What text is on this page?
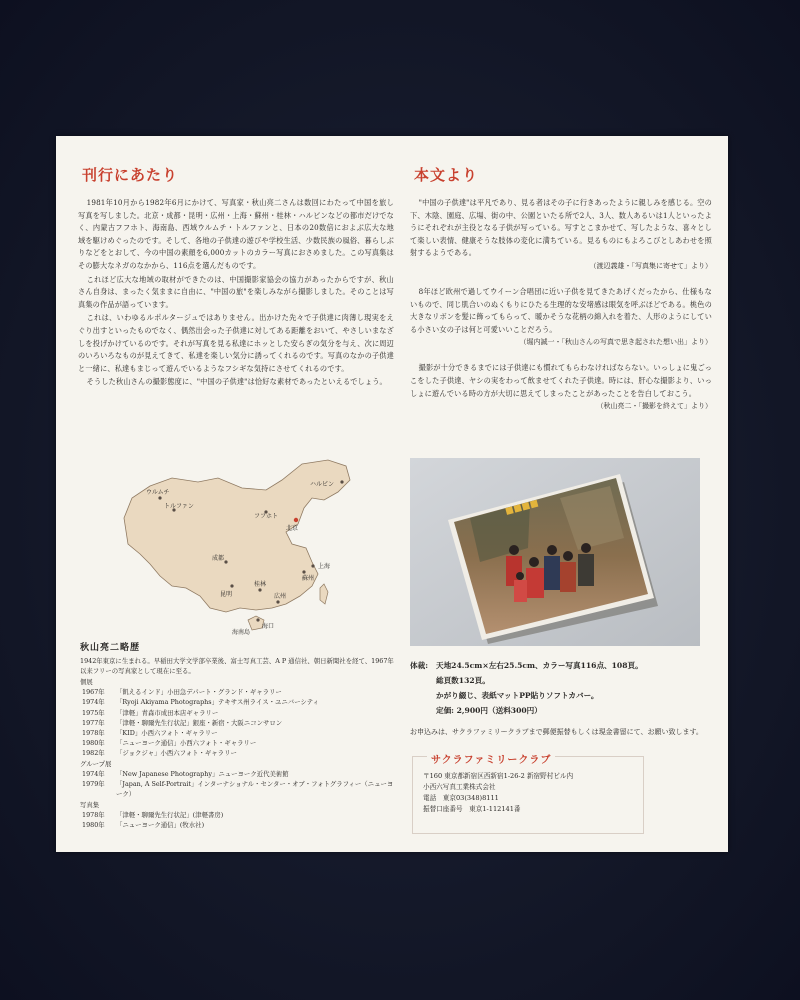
刊行にあたり

1981年10月から1982年6月にかけて、写真家・秋山亮二さんは数回にわたって中国を旅し写真を写しました。北京・成都・昆明・広州・上海・蘇州・桂林・ハルビンなどの都市だけでなく、内蒙古フフホト、海南島、西域ウルムチ・トルファンと、日本の20数倍におよぶ広大な地域を駆けめぐったのです。そして、各地の子供達の遊びや学校生活、少数民族の風俗、暮らしぶりなどをとおして、今の中国の素顔を6,000カットのカラー写真におさめました。この写真集はその膨大なネガのなかから、116点を選んだものです。

これほど広大な地域の取材ができたのは、中国撮影家協会の協力があったからですが、秋山さん自身は、まったく気ままに自由に、"中国の旅"を楽しみながら撮影しました。そのことは写真集の作品が語っています。

これは、いわゆるルポルタージュではありません。出かけた先々で子供達に肉薄し現実をえぐり出すといったものでなく、偶然出会った子供達に対してある距離をおいて、やさしいまなざしを投げかけているのです。それが写真を見る私達にホッとした安らぎの気分を与え、次に周辺のいろいろなものが見えてきて、私達を楽しい気分に誘ってくれるのです。写真のなかの子供達と一緒に、私達もまじって遊んでいるようなフシギな気持にさせてくれるのです。

そうした秋山さんの撮影態度に、"中国の子供達"は恰好な素材であったといえるでしょう。

ウルムチ
トルファン
ハルビン
フフホト
北京
成都
上海
蘇州
昆明
桂林
広州
海南島
海口
秋山亮二略歴

1942年東京に生まれる。早稲田大学文学部卒業後、富士写真工芸、A P 通信社、朝日新聞社を経て、1967年以来フリーの写真家として現在に至る。

個展

1967年	「飢えるインド」小田急デパート・グランド・ギャラリー
1974年	「Ryoji Akiyama Photographs」テキサス州ライス・ユニバーシティ
1975年	「津軽」青森市成田本店ギャラリー
1977年	「津軽・聊爾先生行状記」銀座・新宿・大阪ニコンサロン
1978年	「KID」小西六フォト・ギャラリー
1980年	「ニューヨーク通信」小西六フォト・ギャラリー
1982年	「ジョクジャ」小西六フォト・ギャラリー

グループ展

1974年	「New Japanese Photography」ニューヨーク近代美術館
1979年	「Japan, A Self-Portrait」インターナショナル・センター・オブ・フォトグラフィー（ニューヨーク）

写真集

1978年	「津軽・聊爾先生行状記」(津軽書房)
1980年	「ニューヨーク通信」(牧水社)
本文より

"中国の子供達"は平凡であり、見る者はその子に行きあったように親しみを感じる。空の下、木陰、園庭、広場、街の中、公園といたる所で2人、3人、数人あるいは1人といったようにそれぞれが主役となる子供が写っている。写すとこまかせて、写したような、喜々として楽しい表情、健康そうな肢体の変化に満ちている。見るものにもよろこびとしあわせを照射するようである。

（渡辺義雄・「写真集に寄せて」より）

8年ほど欧州で過してウイーン合唱団に近い子供を見てきたあげくだったから、仕様もないもので、同じ肌合いのぬくもりにひたる生理的な安堵感は眼気を呼ぶほどである。桃色の大きなリボンを髪に飾ってもらって、暖かそうな花柄の綿入れを着た、人形のようにしている小さい女の子は何と可愛いいことだろう。

（堀内誠一・「秋山さんの写真で思き起された想い出」より）

撮影が十分できるまでには子供達にも慣れてもらわなければならない。いっしょに鬼ごっこをした子供達、ヤシの実をわって飲ませてくれた子供達。時には、肝心な撮影より、いっしょに遊んでいる時の方が大切に思えてしまったことがあったことを告白しておこう。

（秋山亮二・「撮影を終えて」より）

■■■■
体裁:	天地24.5cm×左右25.5cm、カラー写真116点、108頁。
総頁数132頁。
かがり綴じ、表紙マットPP貼りソフトカバー。
定価: 2,900円（送料300円）

お申込みは、サクラファミリークラブまで郵便振替もしくは現金書留にて、お願い致します。

サクラファミリークラブ
〒160 東京都新宿区西新宿1-26-2 新宿野村ビル内
小西六写真工業株式会社
電話　東京03(348)8111
振替口座番号　東京1-112141番
